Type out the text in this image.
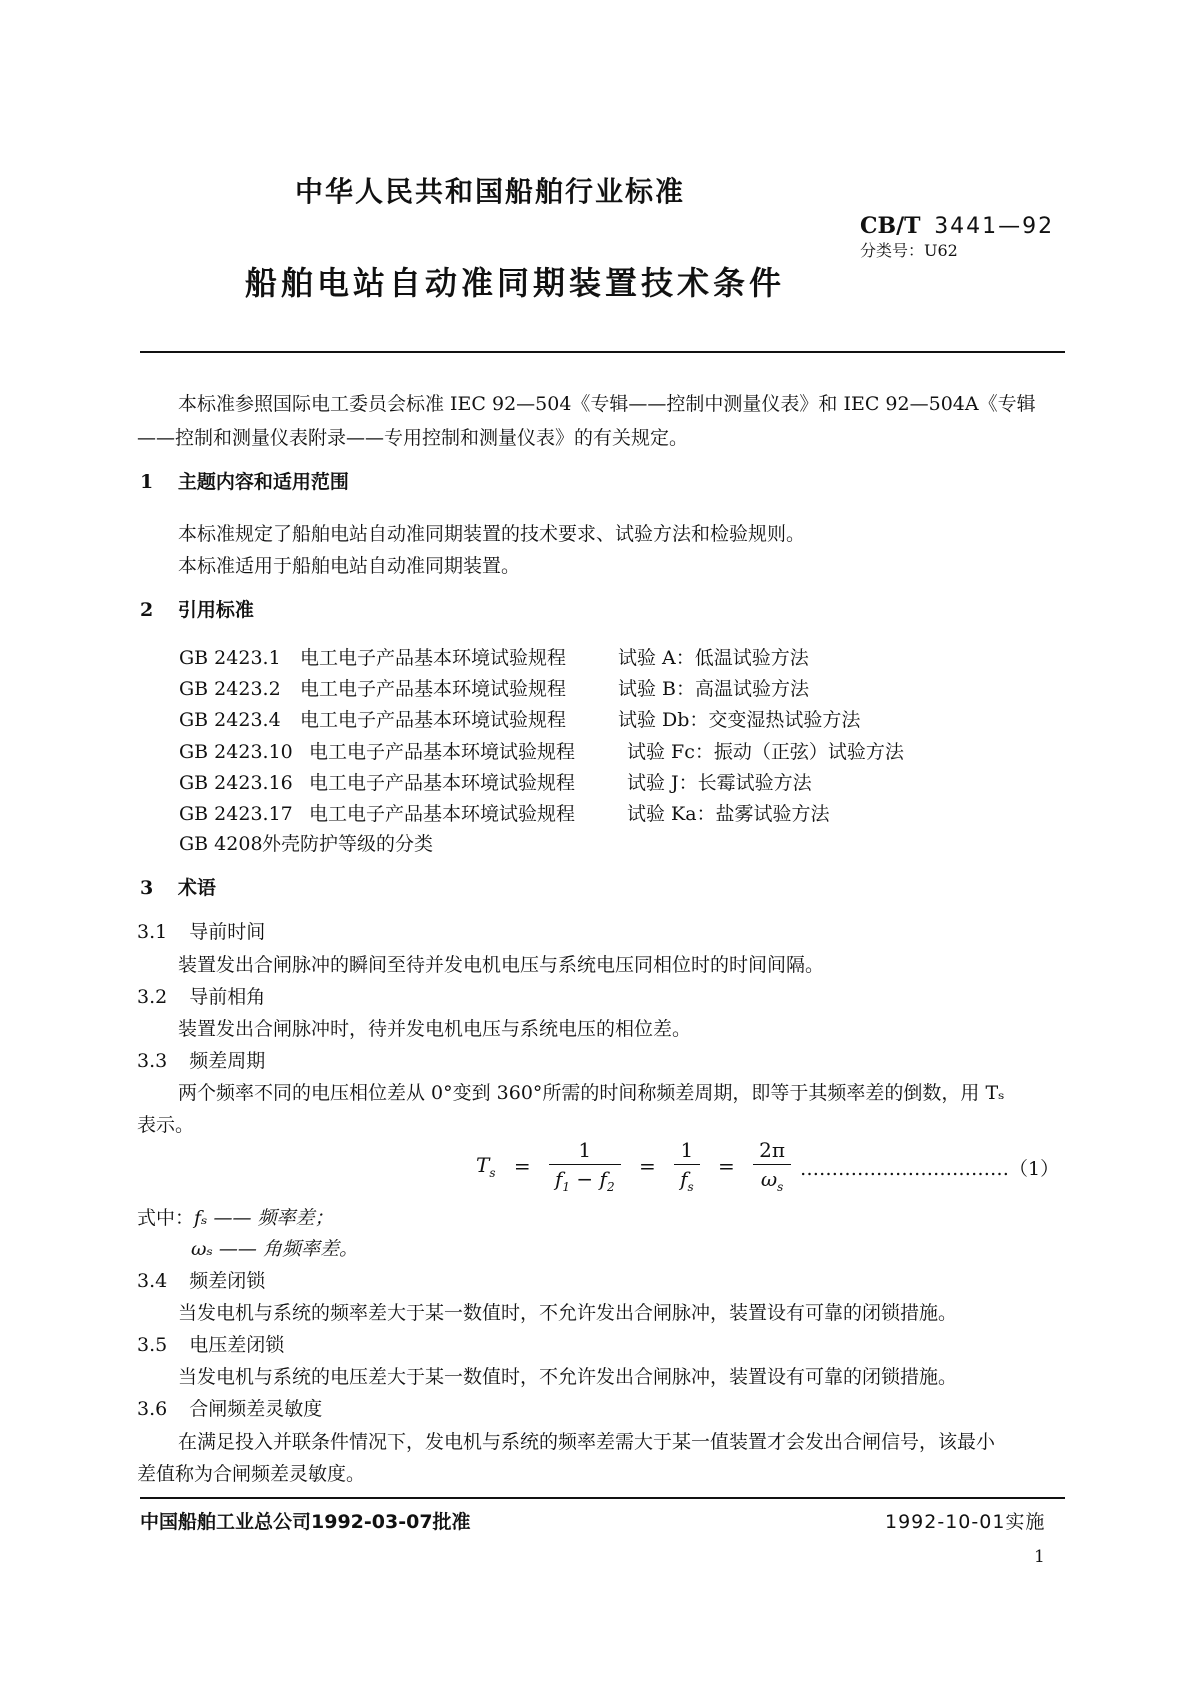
中华人民共和国船舶行业标准
CB/T 3441—92
分类号：U62
船舶电站自动准同期装置技术条件
本标准参照国际电工委员会标准 IEC 92—504《专辑——控制中测量仪表》和 IEC 92—504A《专辑
——控制和测量仪表附录——专用控制和测量仪表》的有关规定。
1 主题内容和适用范围
本标准规定了船舶电站自动准同期装置的技术要求、试验方法和检验规则。
本标准适用于船舶电站自动准同期装置。
2 引用标准
GB 2423.1 电工电子产品基本环境试验规程	试验 A：低温试验方法
GB 2423.2 电工电子产品基本环境试验规程	试验 B：高温试验方法
GB 2423.4 电工电子产品基本环境试验规程	试验 Db：交变湿热试验方法
GB 2423.10 电工电子产品基本环境试验规程	试验 Fc：振动（正弦）试验方法
GB 2423.16 电工电子产品基本环境试验规程	试验 J：长霉试验方法
GB 2423.17 电工电子产品基本环境试验规程	试验 Ka：盐雾试验方法
GB 4208外壳防护等级的分类
3 术语
3.1 导前时间
装置发出合闸脉冲的瞬间至待并发电机电压与系统电压同相位时的时间间隔。
3.2 导前相角
装置发出合闸脉冲时，待并发电机电压与系统电压的相位差。
3.3 频差周期
两个频率不同的电压相位差从 0°变到 360°所需的时间称频差周期，即等于其频率差的倒数，用 Tₛ
表示。
$T_s = \frac{1}{f_1 - f_2} = \frac{1}{f_s} = \frac{2\pi}{\omega_s}$ ……………………………（1）
式中：fₛ —— 频率差；
ωₛ —— 角频率差。
3.4 频差闭锁
当发电机与系统的频率差大于某一数值时，不允许发出合闸脉冲，装置设有可靠的闭锁措施。
3.5 电压差闭锁
当发电机与系统的电压差大于某一数值时，不允许发出合闸脉冲，装置设有可靠的闭锁措施。
3.6 合闸频差灵敏度
在满足投入并联条件情况下，发电机与系统的频率差需大于某一值装置才会发出合闸信号，该最小
差值称为合闸频差灵敏度。
中国船舶工业总公司1992-03-07批准	1992-10-01实施
1
